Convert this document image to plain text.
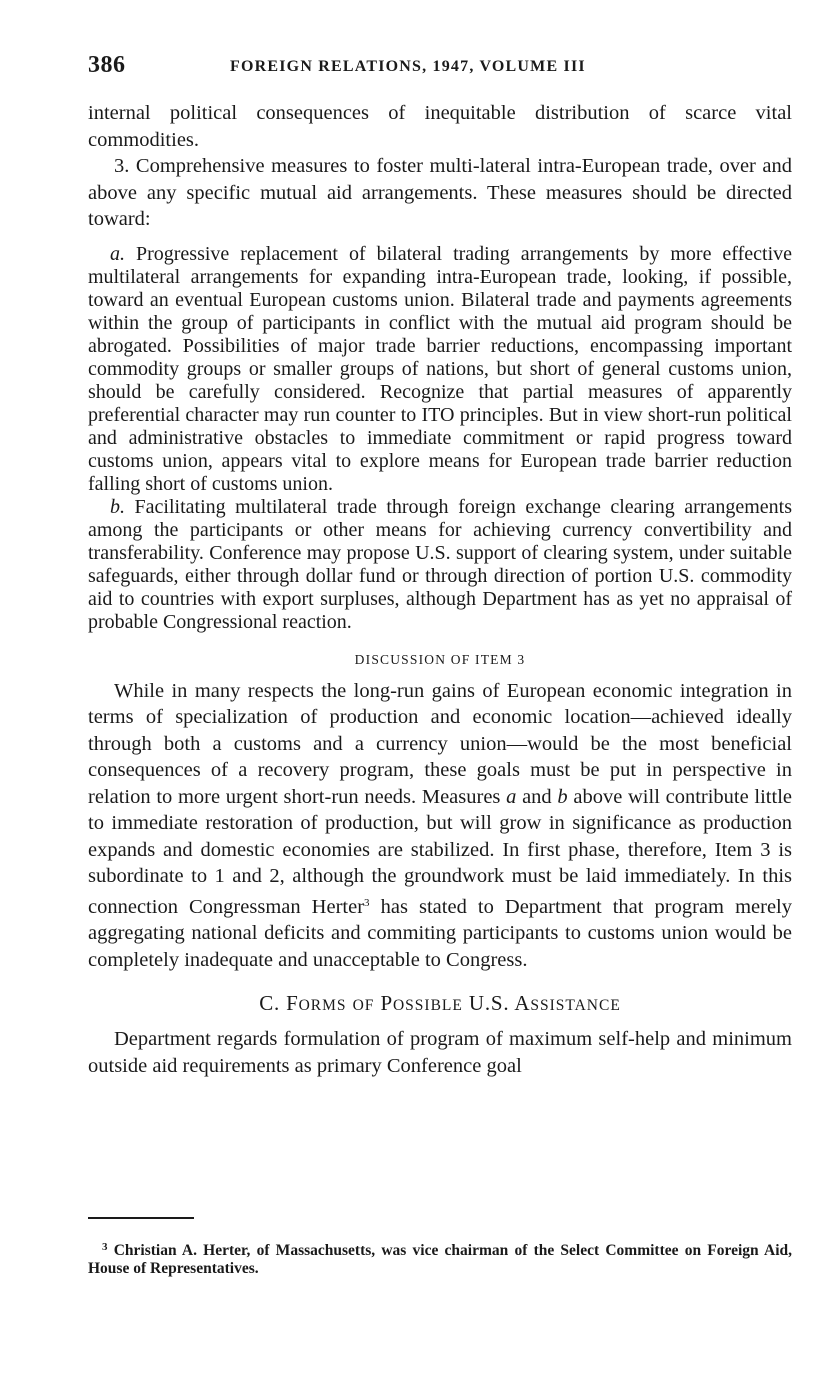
386	FOREIGN RELATIONS, 1947, VOLUME III

internal political consequences of inequitable distribution of scarce vital commodities.

3. Comprehensive measures to foster multi-lateral intra-European trade, over and above any specific mutual aid arrangements. These measures should be directed toward:

a. Progressive replacement of bilateral trading arrangements by more effective multilateral arrangements for expanding intra-European trade, looking, if possible, toward an eventual European customs union. Bilateral trade and payments agreements within the group of participants in conflict with the mutual aid program should be abrogated. Possibilities of major trade barrier reductions, encompassing important commodity groups or smaller groups of nations, but short of general customs union, should be carefully considered. Recognize that partial measures of apparently preferential character may run counter to ITO principles. But in view short-run political and administrative obstacles to immediate commitment or rapid progress toward customs union, appears vital to explore means for European trade barrier reduction falling short of customs union.

b. Facilitating multilateral trade through foreign exchange clearing arrangements among the participants or other means for achieving currency convertibility and transferability. Conference may propose U.S. support of clearing system, under suitable safeguards, either through dollar fund or through direction of portion U.S. commodity aid to countries with export surpluses, although Department has as yet no appraisal of probable Congressional reaction.

DISCUSSION OF ITEM 3

While in many respects the long-run gains of European economic integration in terms of specialization of production and economic location—achieved ideally through both a customs and a currency union—would be the most beneficial consequences of a recovery program, these goals must be put in perspective in relation to more urgent short-run needs. Measures a and b above will contribute little to immediate restoration of production, but will grow in significance as production expands and domestic economies are stabilized. In first phase, therefore, Item 3 is subordinate to 1 and 2, although the groundwork must be laid immediately. In this connection Congressman Herter$^3$ has stated to Department that program merely aggregating national deficits and commiting participants to customs union would be completely inadequate and unacceptable to Congress.

C. FORMS OF POSSIBLE U.S. ASSISTANCE

Department regards formulation of program of maximum self-help and minimum outside aid requirements as primary Conference goal

$^3$ Christian A. Herter, of Massachusetts, was vice chairman of the Select Committee on Foreign Aid, House of Representatives.
